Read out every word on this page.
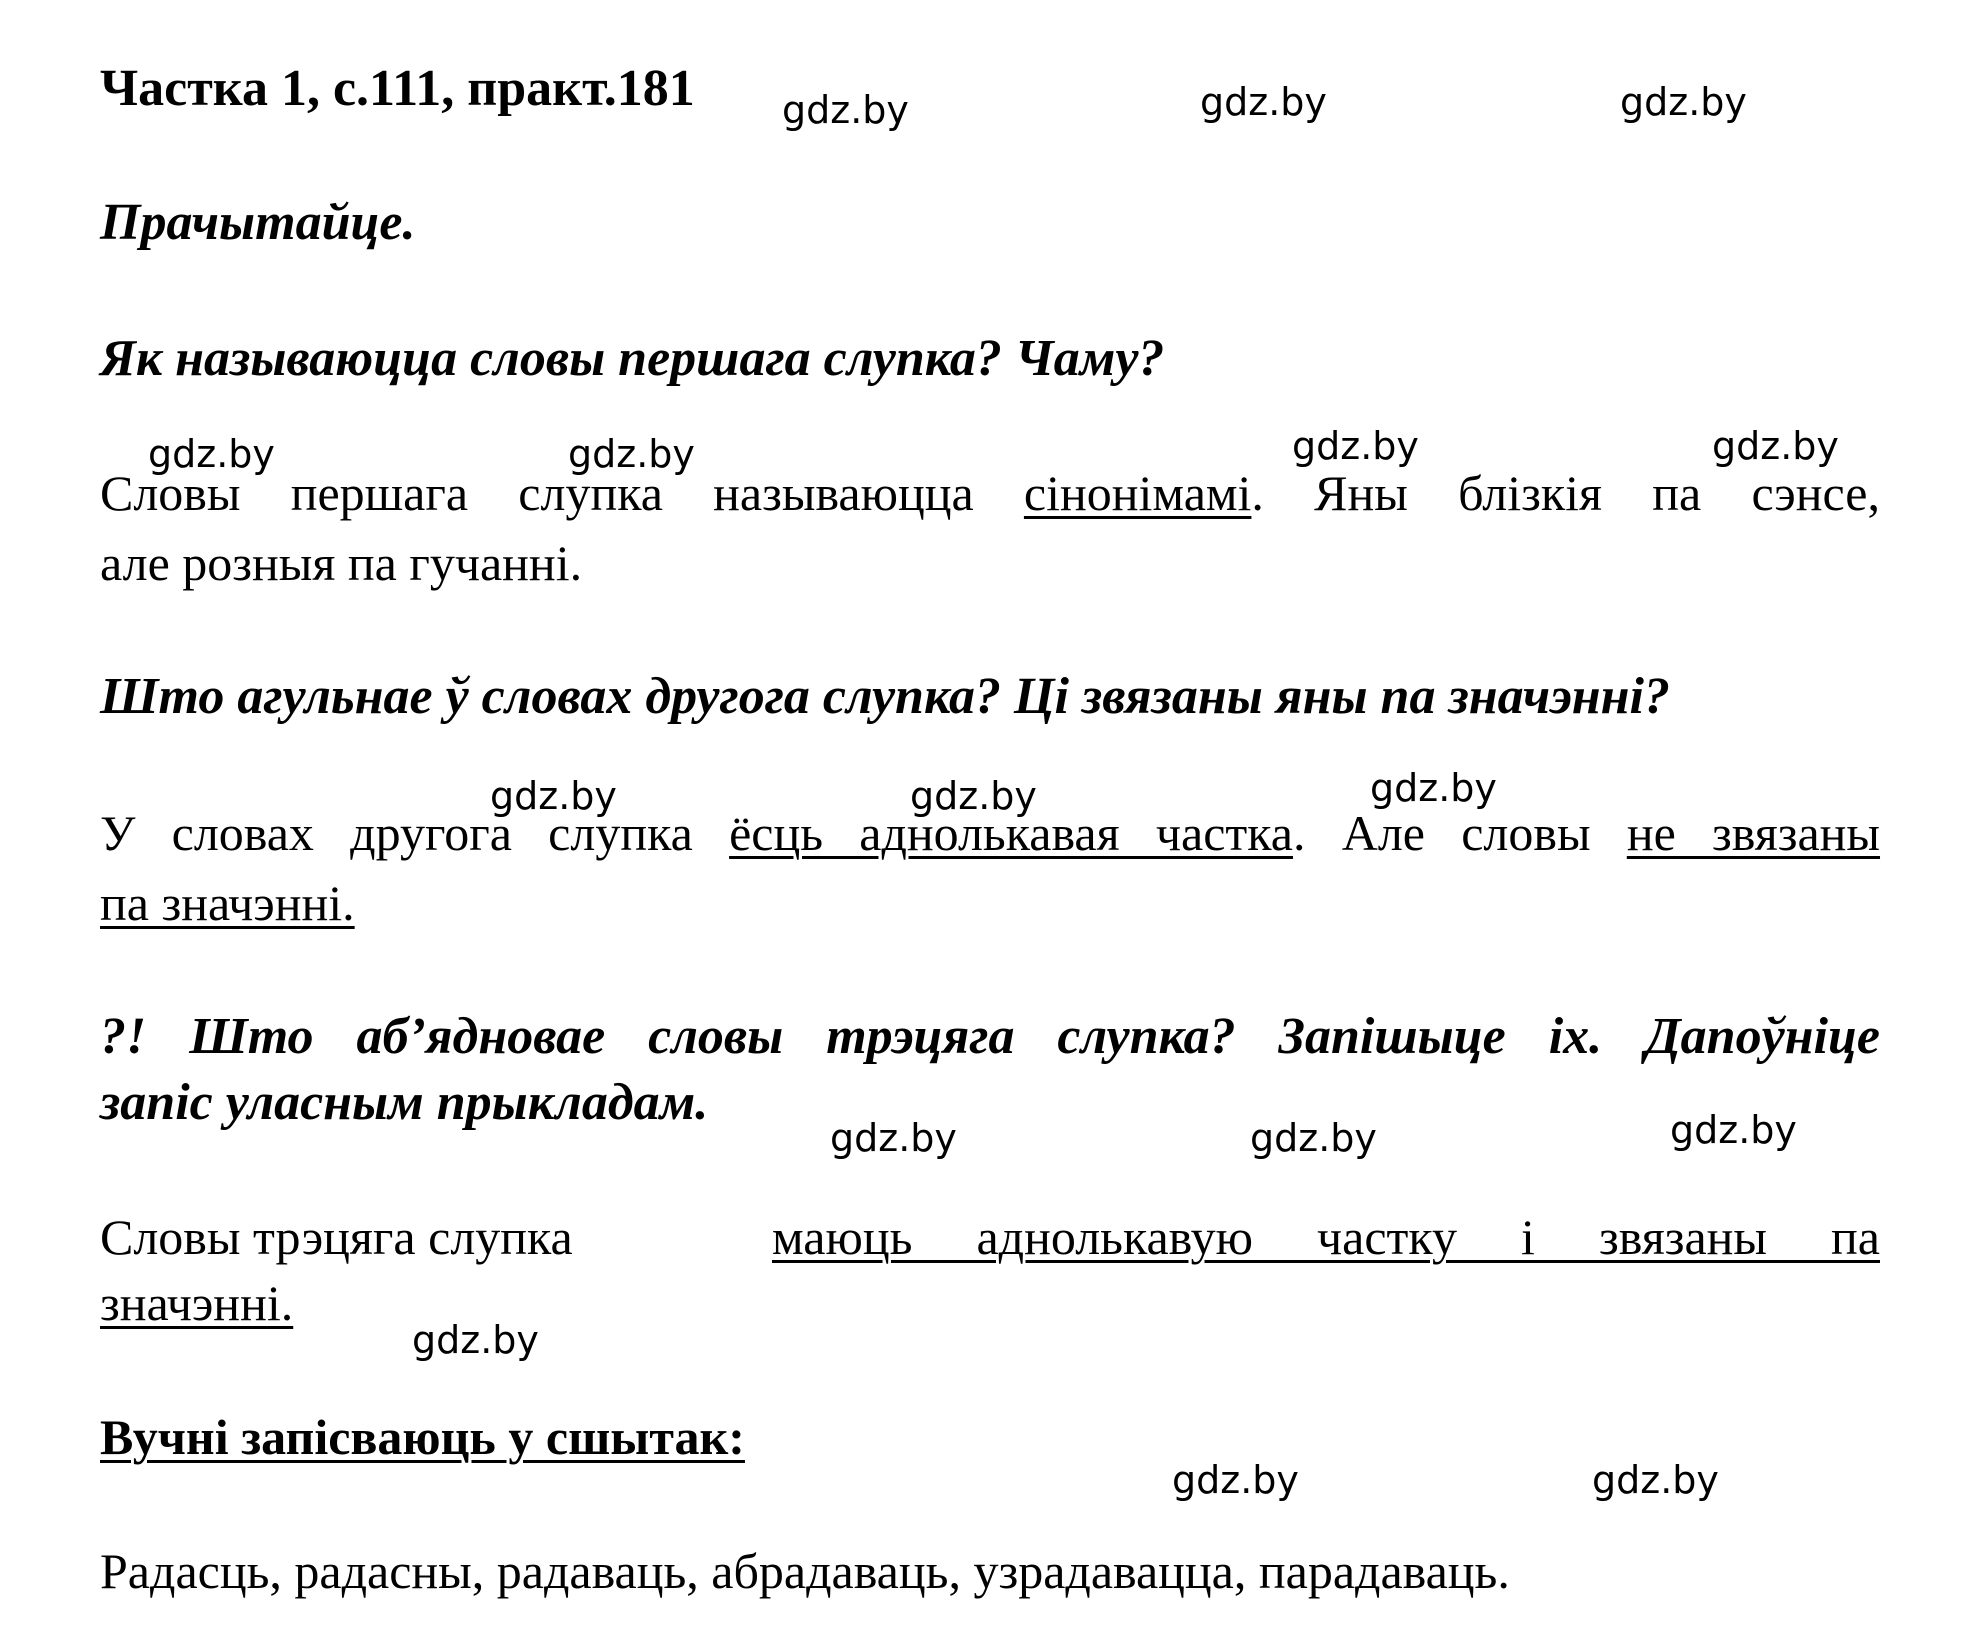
Частка 1, с.111, практ.181
Прачытайце.
Як называюцца словы першага слупка? Чаму?
Словы першага слупка называюцца сінонімамі. Яны блізкія па сэнсе,
але розныя па гучанні.
Што агульнае ў словах другога слупка? Ці звязаны яны па значэнні?
У словах другога слупка ёсць аднолькавая частка. Але словы не звязаны
па значэнні.
?! Што аб’ядновае словы трэцяга слупка? Запішыце іх. Дапоўніце
запіс уласным прыкладам.
Словы трэцяга слупка	маюць аднолькавую частку і звязаны па
значэнні.
Вучні запісваюць у сшытак:
Радасць, радасны, радаваць, абрадаваць, узрадавацца, парадаваць.
gdz.by	gdz.by	gdz.by
gdz.by	gdz.by	gdz.by	gdz.by
gdz.by	gdz.by	gdz.by
gdz.by	gdz.by	gdz.by
gdz.by
gdz.by	gdz.by
